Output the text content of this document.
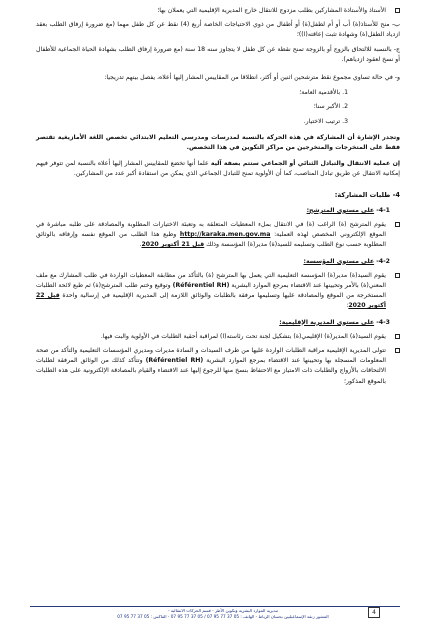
الأستاذ والأستاذة المشاركين بطلب مزدوج للانتقال خارج المديرية الإقليمية التي يعملان بها؛

ب- منح للأستاذ(ة) أب أو أم لطفل(ة) أو أطفال من ذوي الاحتياجات الخاصة أربع (4) نقط عن كل طفل مهما (مع ضرورة إرفاق الطلب بعقد ازدياد الطفل(ة) وشهادة تثبت إعاقته(ا))؛

ج- بالنسبة للالتحاق بالزوج أو بالزوجة تمنح نقطة عن كل طفل لا يتجاوز سنه 18 سنة (مع ضرورة إرفاق الطلب بشهادة الحياة الجماعية للأطفال أو نسخ لعقود ازدياهم).

و- في حالة تساوي مجموع نقط مترشحين اثنين أو أكثر، انطلاقا من المقاييس المشار إليها أعلاه، يفصل بينهم تدريجيا:

1. بالأقدمية العامة؛
2. الأكبر سنا؛
3. ترتيب الاختيار.

وتجدر الإشارة أن المشاركة في هذه الحركة بالنسبة لمدرسات ومدرسي التعليم الابتدائي تخصص اللغة الأمازيغية تقتصر فقط على المتخرجات والمتخرجين من مراكز التكوين في هذا التخصص.

إن عملية الانتقال والتبادل الثنائي أو الجماعي ستتم بصفة آلية علما أنها تخضع للمقاييس المشار إليها أعلاه بالنسبة لمن تتوفر فيهم إمكانية الانتقال عن طريق تبادل المناصب، كما أن الأولوية تمنح للتبادل الجماعي الذي يمكن من استفادة أكبر عدد من المشاركين.

4- طلبات المشاركة:

4-1- على مستوى المترشح:

يقوم المترشح (ة) الراغب (ة) في الانتقال بملء المعطيات المتعلقة به وتعبئة الاختيارات المطلوبة والمصادقة على طلبه مباشرة في الموقع الإلكتروني المخصص لهذه العملية: http://karaka.men.gov.ma وطبع هذا الطلب من الموقع نفسه وإرفاقه بالوثائق المطلوبة حسب نوع الطلب وتسليمه للسيد(ة) مدير(ة) المؤسسة وذلك قبل 21 أكتوبر 2020.

4-2- على مستوى المؤسسة:

يقوم السيد(ة) مدير(ة) المؤسسة التعليمية التي يعمل بها المترشح (ة) بالتأكد من مطابقة المعطيات الواردة في طلب المشارك مع ملف المعني(ة) بالأمر وتحيينها عند الاقتضاء بمرجع الموارد البشرية (Référentiel RH) وتوقيع وختم طلب المترشح(ة) ثم طبع لائحة الطلبات المستخرجة من الموقع والمصادقة عليها وتسليمها مرفقة بالطلبات والوثائق اللازمة إلى المديرية الإقليمية في إرسالية واحدة قبل 22 أكتوبر 2020:

4-3- على مستوى المديرية الإقليمية:

يقوم السيد(ة) المدير(ة) الإقليمي(ة) بتشكيل لجنة تحت رئاسته(ا) لمراقبة أحقية الطلبات في الأولوية والبت فيها.

تتولى المديرية الإقليمية مراقبة الطلبات الواردة عليها من طرف السيدات و السادة مديرات ومديري المؤسسات التعليمية والتأكد من صحة المعلومات المسجلة بها وتحيينها عند الاقتضاء بمرجع الموارد البشرية (Référentiel RH) وتتأكد كذلك من الوثائق المرفقة لطلبات الالتحاقات بالأزواج والطلبات ذات الامتياز مع الاحتفاظ بنسخ منها للرجوع إليها عند الاقتضاء والقيام بالمصادقة الإلكترونية على هذه الطلبات بالموقع المذكور؛

مديرية الموارد البشرية وتكوين الأطر - قسم الحركات الانتقالية -
المشور زنقة الإسماعيليين بحسان الرباط - الهاتف : 05 37 77 95 07 / 05 37 77 95 07 - الفاكس : 05 37 77 95 07
4
